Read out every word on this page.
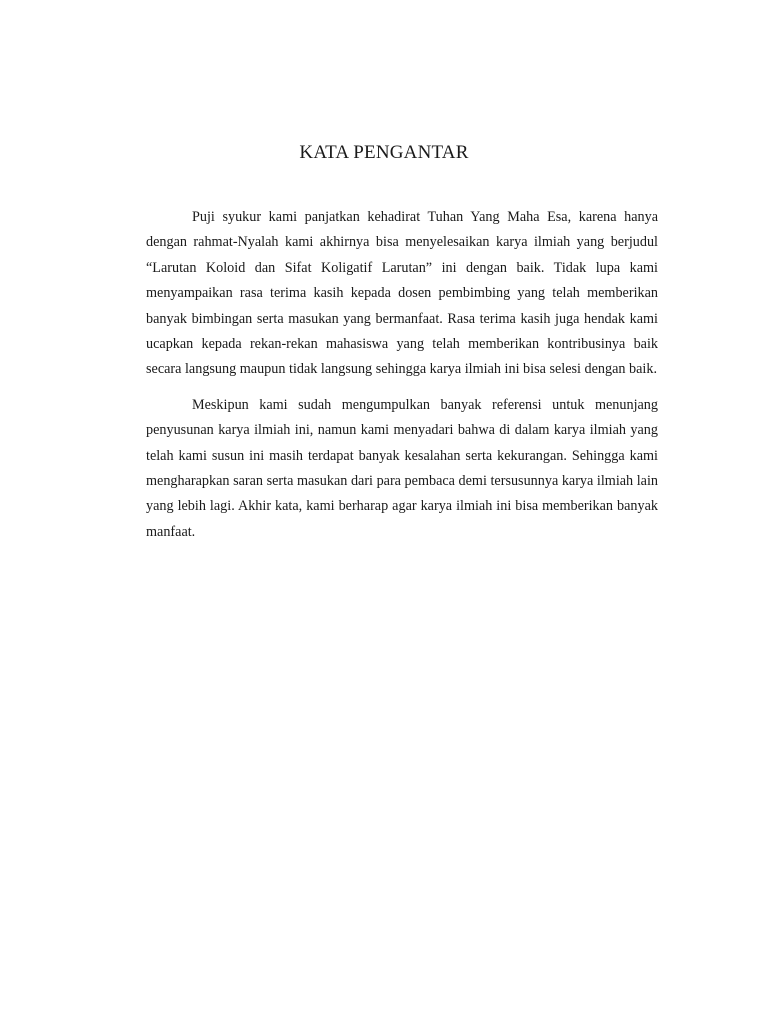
KATA PENGANTAR

Puji syukur kami panjatkan kehadirat Tuhan Yang Maha Esa, karena hanya dengan rahmat-Nyalah kami akhirnya bisa menyelesaikan karya ilmiah yang berjudul “Larutan Koloid dan Sifat Koligatif Larutan” ini dengan baik. Tidak lupa kami menyampaikan rasa terima kasih kepada dosen pembimbing yang telah memberikan banyak bimbingan serta masukan yang bermanfaat. Rasa terima kasih juga hendak kami ucapkan kepada rekan-rekan mahasiswa yang telah memberikan kontribusinya baik secara langsung maupun tidak langsung sehingga karya ilmiah ini bisa selesi dengan baik.

Meskipun kami sudah mengumpulkan banyak referensi untuk menunjang penyusunan karya ilmiah ini, namun kami menyadari bahwa di dalam karya ilmiah yang telah kami susun ini masih terdapat banyak kesalahan serta kekurangan. Sehingga kami mengharapkan saran serta masukan dari para pembaca demi tersusunnya karya ilmiah lain yang lebih lagi. Akhir kata, kami berharap agar karya ilmiah ini bisa memberikan banyak manfaat.
